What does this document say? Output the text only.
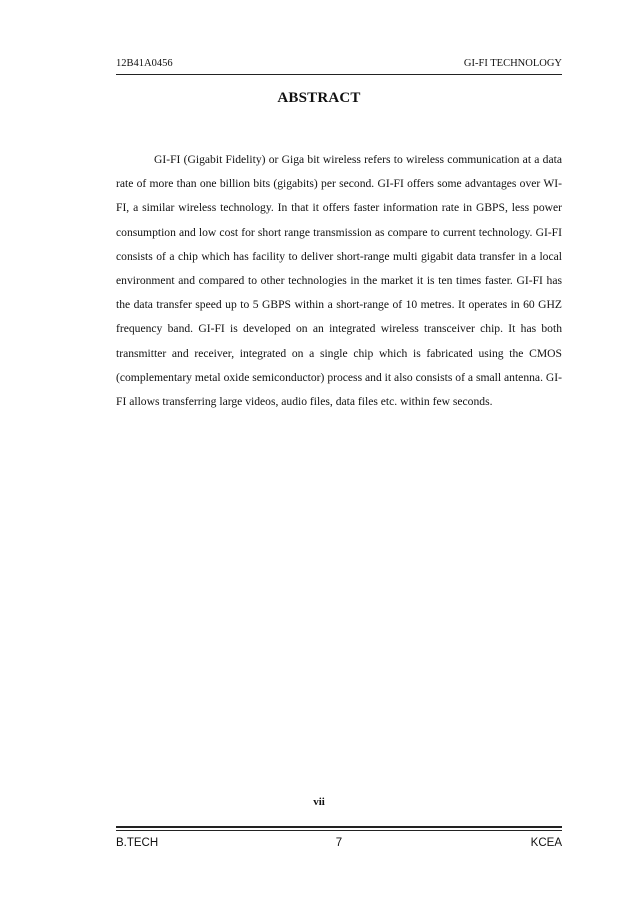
12B41A0456	GI-FI TECHNOLOGY
ABSTRACT

GI-FI (Gigabit Fidelity) or Giga bit wireless refers to wireless communication at a data rate of more than one billion bits (gigabits) per second. GI-FI offers some advantages over WI-FI, a similar wireless technology. In that it offers faster information rate in GBPS, less power consumption and low cost for short range transmission as compare to current technology. GI-FI consists of a chip which has facility to deliver short-range multi gigabit data transfer in a local environment and compared to other technologies in the market it is ten times faster. GI-FI has the data transfer speed up to 5 GBPS within a short-range of 10 metres. It operates in 60 GHZ frequency band. GI-FI is developed on an integrated wireless transceiver chip. It has both transmitter and receiver, integrated on a single chip which is fabricated using the CMOS (complementary metal oxide semiconductor) process and it also consists of a small antenna. GI-FI allows transferring large videos, audio files, data files etc. within few seconds.

vii
B.TECH	7	KCEA
